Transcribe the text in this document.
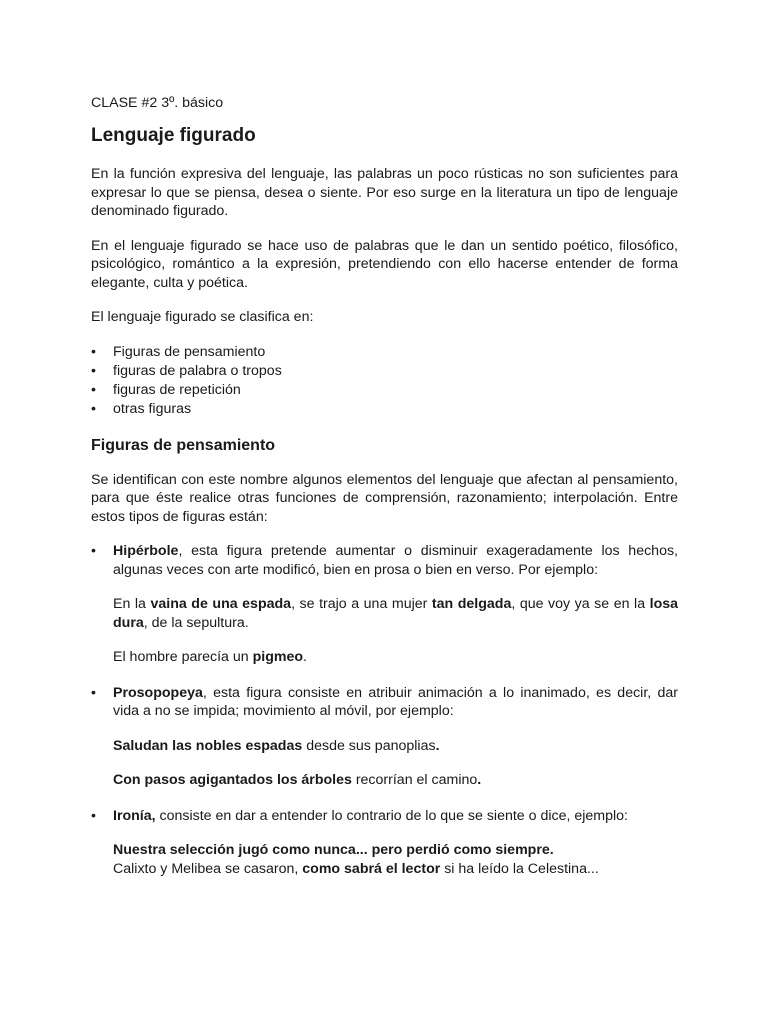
CLASE #2 3º. básico
Lenguaje figurado

En la función expresiva del lenguaje, las palabras un poco rústicas no son suficientes para expresar lo que se piensa, desea o siente. Por eso surge en la literatura un tipo de lenguaje denominado figurado.

En el lenguaje figurado se hace uso de palabras que le dan un sentido poético, filosófico, psicológico, romántico a la expresión, pretendiendo con ello hacerse entender de forma elegante, culta y poética.

El lenguaje figurado se clasifica en:

• Figuras de pensamiento
• figuras de palabra o tropos
• figuras de repetición
• otras figuras
Figuras de pensamiento

Se identifican con este nombre algunos elementos del lenguaje que afectan al pensamiento, para que éste realice otras funciones de comprensión, razonamiento; interpolación. Entre estos tipos de figuras están:

• Hipérbole, esta figura pretende aumentar o disminuir exageradamente los hechos, algunas veces con arte modificó, bien en prosa o bien en verso. Por ejemplo:

En la vaina de una espada, se trajo a una mujer tan delgada, que voy ya se en la losa dura, de la sepultura.

El hombre parecía un pigmeo.

• Prosopopeya, esta figura consiste en atribuir animación a lo inanimado, es decir, dar vida a no se impida; movimiento al móvil, por ejemplo:

Saludan las nobles espadas desde sus panoplias.

Con pasos agigantados los árboles recorrían el camino.

• Ironía, consiste en dar a entender lo contrario de lo que se siente o dice, ejemplo:

Nuestra selección jugó como nunca... pero perdió como siempre.

Calixto y Melibea se casaron, como sabrá el lector si ha leído la Celestina...
